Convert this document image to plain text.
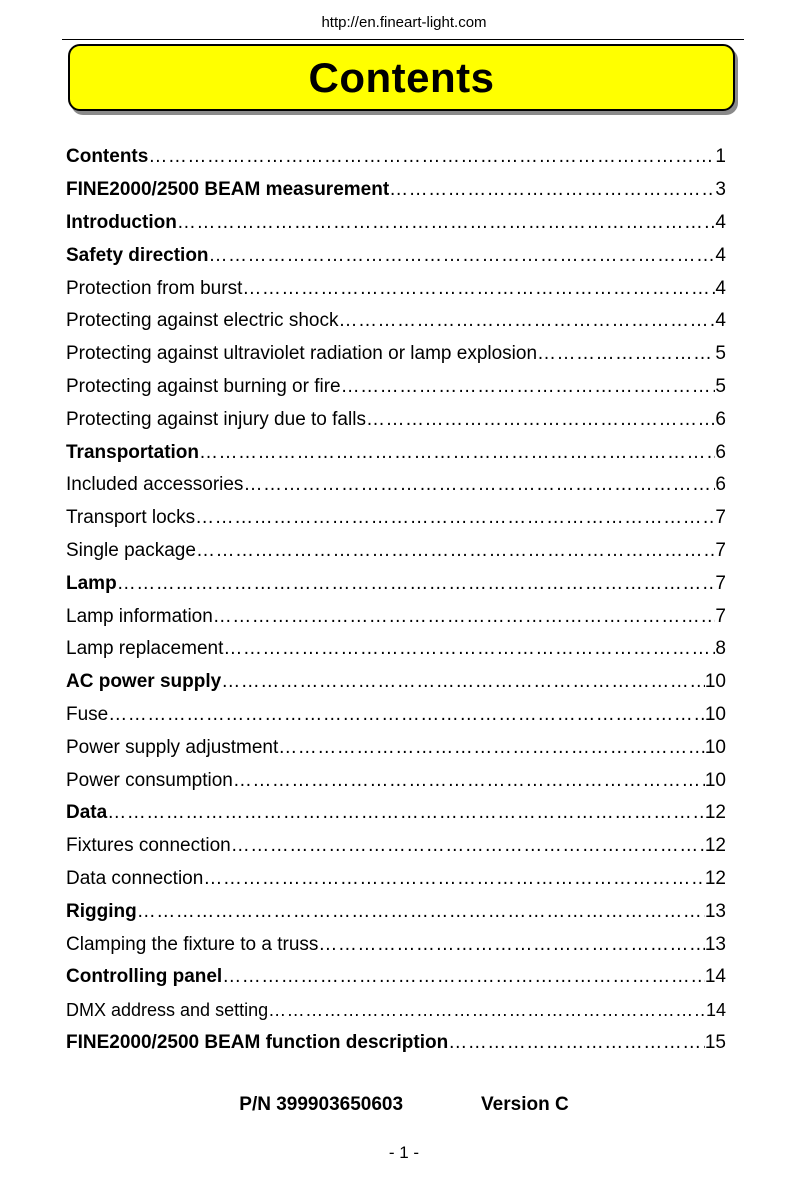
http://en.fineart-light.com
Contents
Contents ……………………………………………………………………………………………………………………………………………………	1
FINE2000/2500 BEAM measurement ……………………………………………………………………………………………………………………………………………………	3
Introduction ……………………………………………………………………………………………………………………………………………………	4
Safety direction ……………………………………………………………………………………………………………………………………………………	4
Protection from burst ……………………………………………………………………………………………………………………………………………………	4
Protecting against electric shock ……………………………………………………………………………………………………………………………………………………	4
Protecting against ultraviolet radiation or lamp explosion ……………………………………………………………………………………………………………………………………………………	5
Protecting against burning or fire ……………………………………………………………………………………………………………………………………………………	5
Protecting against injury due to falls ……………………………………………………………………………………………………………………………………………………	6
Transportation ……………………………………………………………………………………………………………………………………………………	6
Included accessories ……………………………………………………………………………………………………………………………………………………	6
Transport locks ……………………………………………………………………………………………………………………………………………………	7
Single package ……………………………………………………………………………………………………………………………………………………	7
Lamp ……………………………………………………………………………………………………………………………………………………	7
Lamp information ……………………………………………………………………………………………………………………………………………………	7
Lamp replacement ……………………………………………………………………………………………………………………………………………………	8
AC power supply ……………………………………………………………………………………………………………………………………………………	10
Fuse ……………………………………………………………………………………………………………………………………………………	10
Power supply adjustment ……………………………………………………………………………………………………………………………………………………	10
Power consumption ……………………………………………………………………………………………………………………………………………………	10
Data ……………………………………………………………………………………………………………………………………………………	12
Fixtures connection ……………………………………………………………………………………………………………………………………………………	12
Data connection ……………………………………………………………………………………………………………………………………………………	12
Rigging ……………………………………………………………………………………………………………………………………………………	13
Clamping the fixture to a truss ……………………………………………………………………………………………………………………………………………………	13
Controlling panel ……………………………………………………………………………………………………………………………………………………	14
DMX address and setting ……………………………………………………………………………………………………………………………………………………	14
FINE2000/2500 BEAM function description ……………………………………………………………………………………………………………………………………………………	15
P/N 399903650603	Version C
- 1 -
